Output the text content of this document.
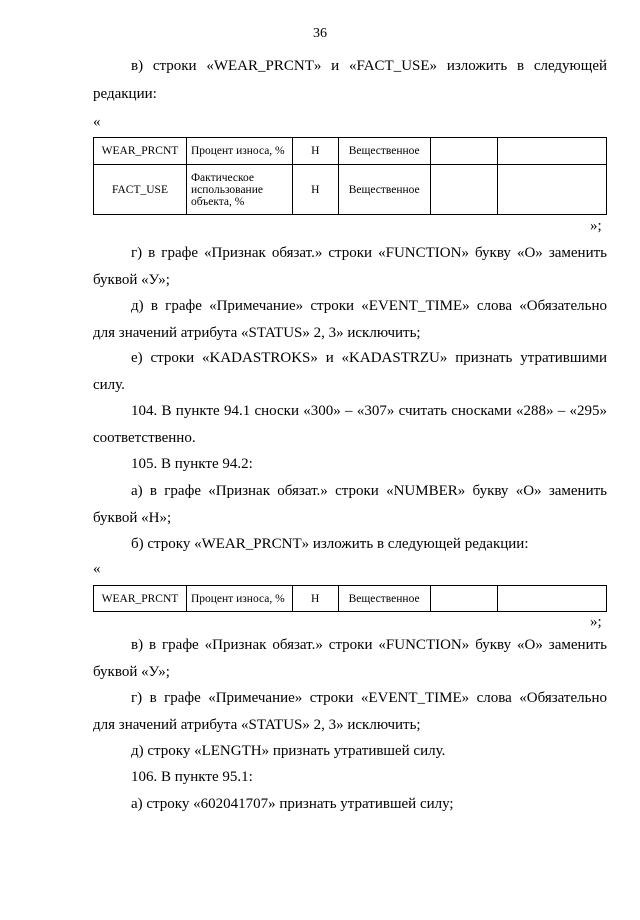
36
в) строки «WEAR_PRCNT» и «FACT_USE» изложить в следующей
редакции:
«
WEAR_PRCNT	Процент износа, %	Н	Вещественное		
FACT_USE	Фактическое использование объекта, %	Н	Вещественное		
»;
г) в графе «Признак обязат.» строки «FUNCTION» букву «О» заменить
буквой «У»;
д) в графе «Примечание» строки «EVENT_TIME» слова «Обязательно
для значений атрибута «STATUS» 2, 3» исключить;
е) строки «KADASTROKS» и «KADASTRZU» признать утратившими
силу.
104. В пункте 94.1 сноски «300» – «307» считать сносками «288» – «295»
соответственно.
105. В пункте 94.2:
а) в графе «Признак обязат.» строки «NUMBER» букву «О» заменить
буквой «Н»;
б) строку «WEAR_PRCNT» изложить в следующей редакции:
«
WEAR_PRCNT	Процент износа, %	Н	Вещественное		
»;
в) в графе «Признак обязат.» строки «FUNCTION» букву «О» заменить
буквой «У»;
г) в графе «Примечание» строки «EVENT_TIME» слова «Обязательно
для значений атрибута «STATUS» 2, 3» исключить;
д) строку «LENGTH» признать утратившей силу.
106. В пункте 95.1:
а) строку «602041707» признать утратившей силу;
